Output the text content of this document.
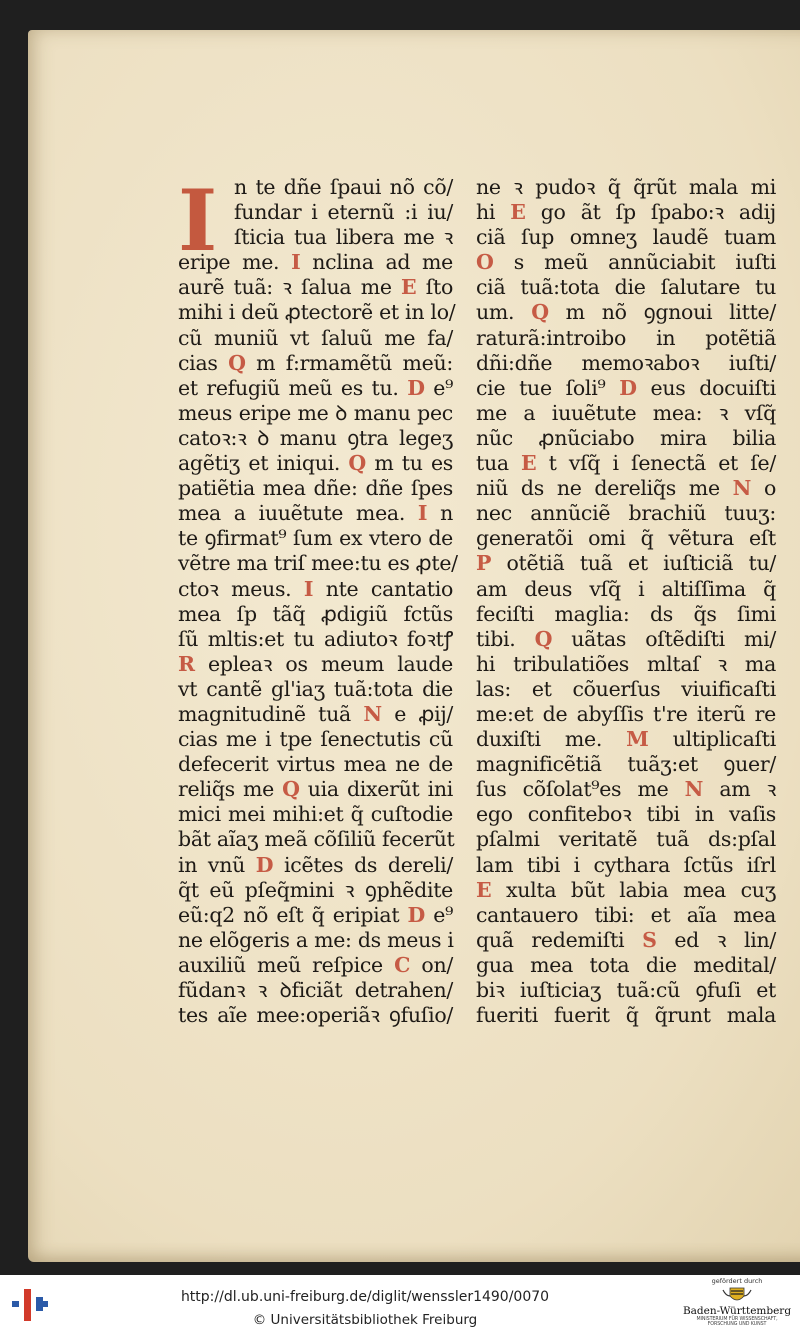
I n te dñe ſpaui nõ cõ/
fundar i eternũ :i iu/
ſticia tua libera me ꝛ
eripe me. I nclina ad me
aurẽ tuã: ꝛ ſalua me E ſto
mihi i deũ ꝓtectorẽ et in lo/
cũ muniũ vt ſaluũ me fa/
cias Q m f:rmamẽtũ meũ:
et refugiũ meũ es tu. D e⁹
meus eripe me ꝺ manu pec
catoꝛ:ꝛ ꝺ manu ꝯtra legeʒ
agẽtiʒ et iniqui. Q m tu es
patiẽtia mea dñe: dñe ſpes
mea a iuuẽtute mea. I n
te ꝯfirmat⁹ ſum ex vtero de
vẽtre ma triſ mee:tu es ꝓte/
ctoꝛ meus. I nte cantatio
mea ſp tãq̃ ꝓdigiũ fctũs
ſũ mltis:et tu adiutoꝛ foꝛtꝭ
R epleaꝛ os meum laude
vt cantẽ gl'iaʒ tuã:tota die
magnitudinẽ tuã N e ꝓij/
cias me i tpe ſenectutis cũ
defecerit virtus mea ne de
reliq̃s me Q uia dixerũt ini
mici mei mihi:et q̃ cuſtodie
bãt aĩaʒ meã cõſiliũ fecerũt
in vnũ D icẽtes ds dereli/
q̃t eũ pſeq̃mini ꝛ ꝯphẽdite
eũ:q2 nõ eſt q̃ eripiat D e⁹
ne elõgeris a me: ds meus i
auxiliũ meũ reſpice C on/
fũdanꝛ ꝛ ꝺficiãt detrahen/
tes aĩe mee:operiãꝛ ꝯfuſio/
ne ꝛ pudoꝛ q̃ q̃rũt mala mi
hi E go ãt ſp ſpabo:ꝛ adij
ciã ſup omneʒ laudẽ tuam
O s meũ annũciabit iuſti
ciã tuã:tota die ſalutare tu
um. Q m nõ ꝯgnoui litte/
raturã:introibo in potẽtiã
dñi:dñe memoꝛaboꝛ iuſti/
cie tue ſoli⁹ D eus docuiſti
me a iuuẽtute mea: ꝛ vſq̃
nũc ꝓnũciabo mira bilia
tua E t vſq̃ i ſenectã et ſe/
niũ ds ne dereliq̃s me N o
nec annũciẽ brachiũ tuuʒ:
generatõi omi q̃ vẽtura eſt
P otẽtiã tuã et iuſticiã tu/
am deus vſq̃ i altiſſima q̃
feciſti maglia: ds q̃s ſimi
tibi. Q uãtas oſtẽdiſti mi/
hi tribulatiões mltaſ ꝛ ma
las: et cõuerſus viuificaſti
me:et de abyſſis t're iterũ re
duxiſti me. M ultiplicaſti
magnificẽtiã tuãʒ:et ꝯuer/
ſus cõſolat⁹es me N am ꝛ
ego confiteboꝛ tibi in vaſis
pſalmi veritatẽ tuã ds:pſal
lam tibi i cythara ſctũs iſrl
E xulta bũt labia mea cuʒ
cantauero tibi: et aĩa mea
quã redemiſti S ed ꝛ lin/
gua mea tota die medital/
biꝛ iuſticiaʒ tuã:cũ ꝯfuſi et
fueriti fuerit q̃ q̃runt mala
http://dl.ub.uni-freiburg.de/diglit/wenssler1490/0070
© Universitätsbibliothek Freiburg
gefördert durch
Baden-Württemberg
MINISTERIUM FÜR WISSENSCHAFT, FORSCHUNG UND KUNST
